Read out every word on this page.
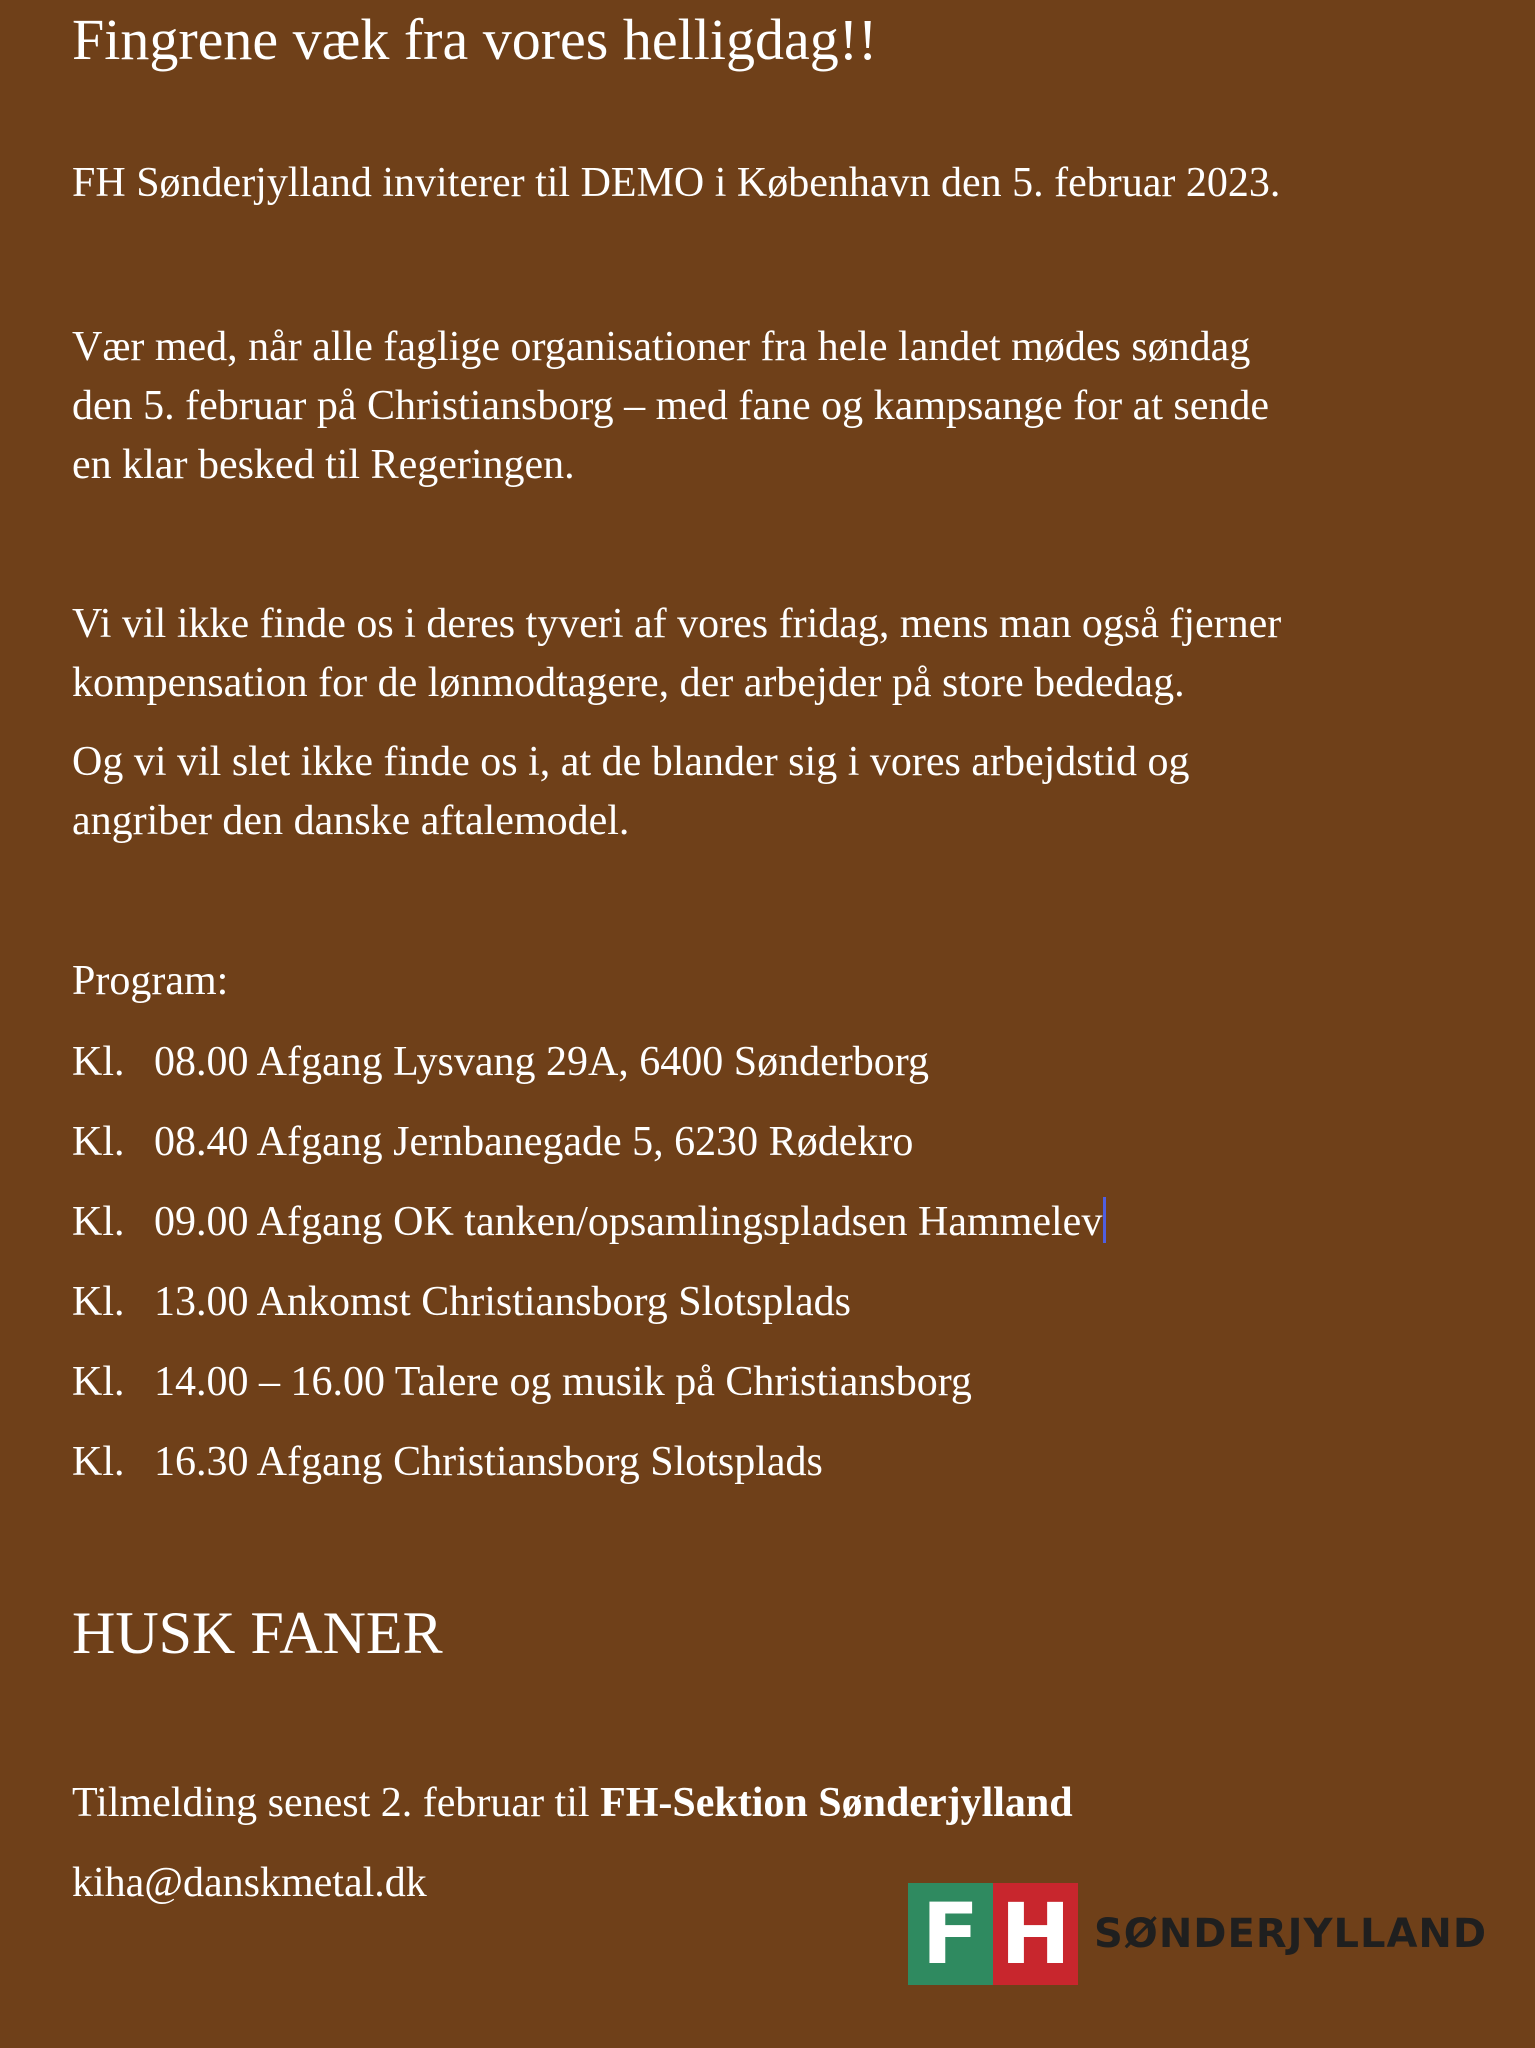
Fingrene væk fra vores helligdag!!
FH Sønderjylland inviterer til DEMO i København den 5. februar 2023.
Vær med, når alle faglige organisationer fra hele landet mødes søndag
den 5. februar på Christiansborg – med fane og kampsange for at sende
en klar besked til Regeringen.
Vi vil ikke finde os i deres tyveri af vores fridag, mens man også fjerner
kompensation for de lønmodtagere, der arbejder på store bededag.
Og vi vil slet ikke finde os i, at de blander sig i vores arbejdstid og
angriber den danske aftalemodel.
Program:
Kl. 08.00 Afgang Lysvang 29A, 6400 Sønderborg
Kl. 08.40 Afgang Jernbanegade 5, 6230 Rødekro
Kl. 09.00 Afgang OK tanken/opsamlingspladsen Hammelev
Kl. 13.00 Ankomst Christiansborg Slotsplads
Kl. 14.00 – 16.00 Talere og musik på Christiansborg
Kl. 16.30 Afgang Christiansborg Slotsplads
HUSK FANER
Tilmelding senest 2. februar til FH-Sektion Sønderjylland
kiha@danskmetal.dk
F H SØNDERJYLLAND
